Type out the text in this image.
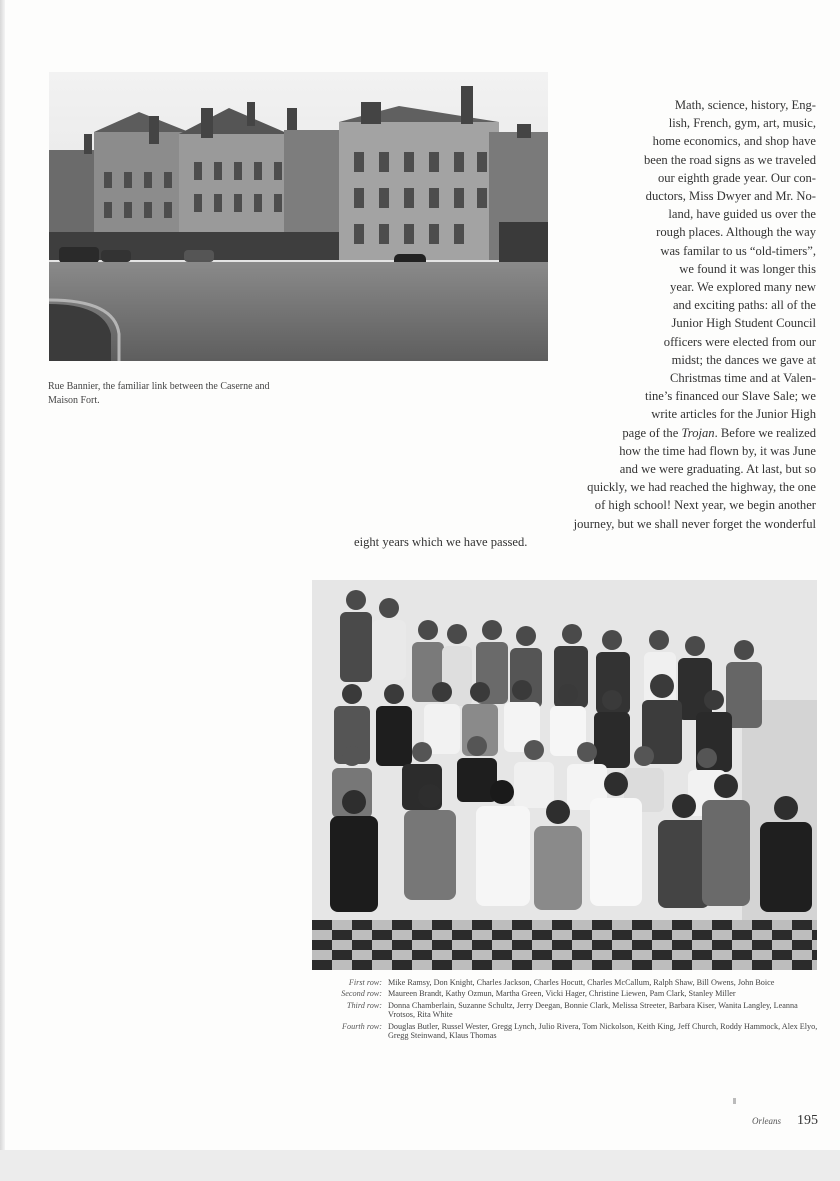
Rue Bannier, the familiar link between the Caserne and Maison Fort.
Math, science, history, Eng-
lish, French, gym, art, music,
home economics, and shop have
been the road signs as we traveled
our eighth grade year. Our con-
ductors, Miss Dwyer and Mr. No-
land, have guided us over the
rough places. Although the way
was familar to us “old-timers”,
we found it was longer this
year. We explored many new
and exciting paths: all of the
Junior High Student Council
officers were elected from our
midst; the dances we gave at
Christmas time and at Valen-
tine’s financed our Slave Sale; we
write articles for the Junior High
page of the Trojan. Before we realized
how the time had flown by, it was June
and we were graduating. At last, but so
quickly, we had reached the highway, the one
of high school! Next year, we begin another
journey, but we shall never forget the wonderful
eight years which we have passed.
First row: Mike Ramsy, Don Knight, Charles Jackson, Charles Hocutt, Charles McCallum, Ralph Shaw, Bill Owens, John Boice
Second row: Maureen Brandt, Kathy Ozmun, Martha Green, Vicki Hager, Christine Liewen, Pam Clark, Stanley Miller
Third row: Donna Chamberlain, Suzanne Schultz, Jerry Deegan, Bonnie Clark, Melissa Streeter, Barbara Kiser, Wanita Langley, Leanna Vrotsos, Rita White
Fourth row: Douglas Butler, Russel Wester, Gregg Lynch, Julio Rivera, Tom Nickolson, Keith King, Jeff Church, Roddy Hammock, Alex Elyo, Gregg Steinwand, Klaus Thomas
Orleans 195
